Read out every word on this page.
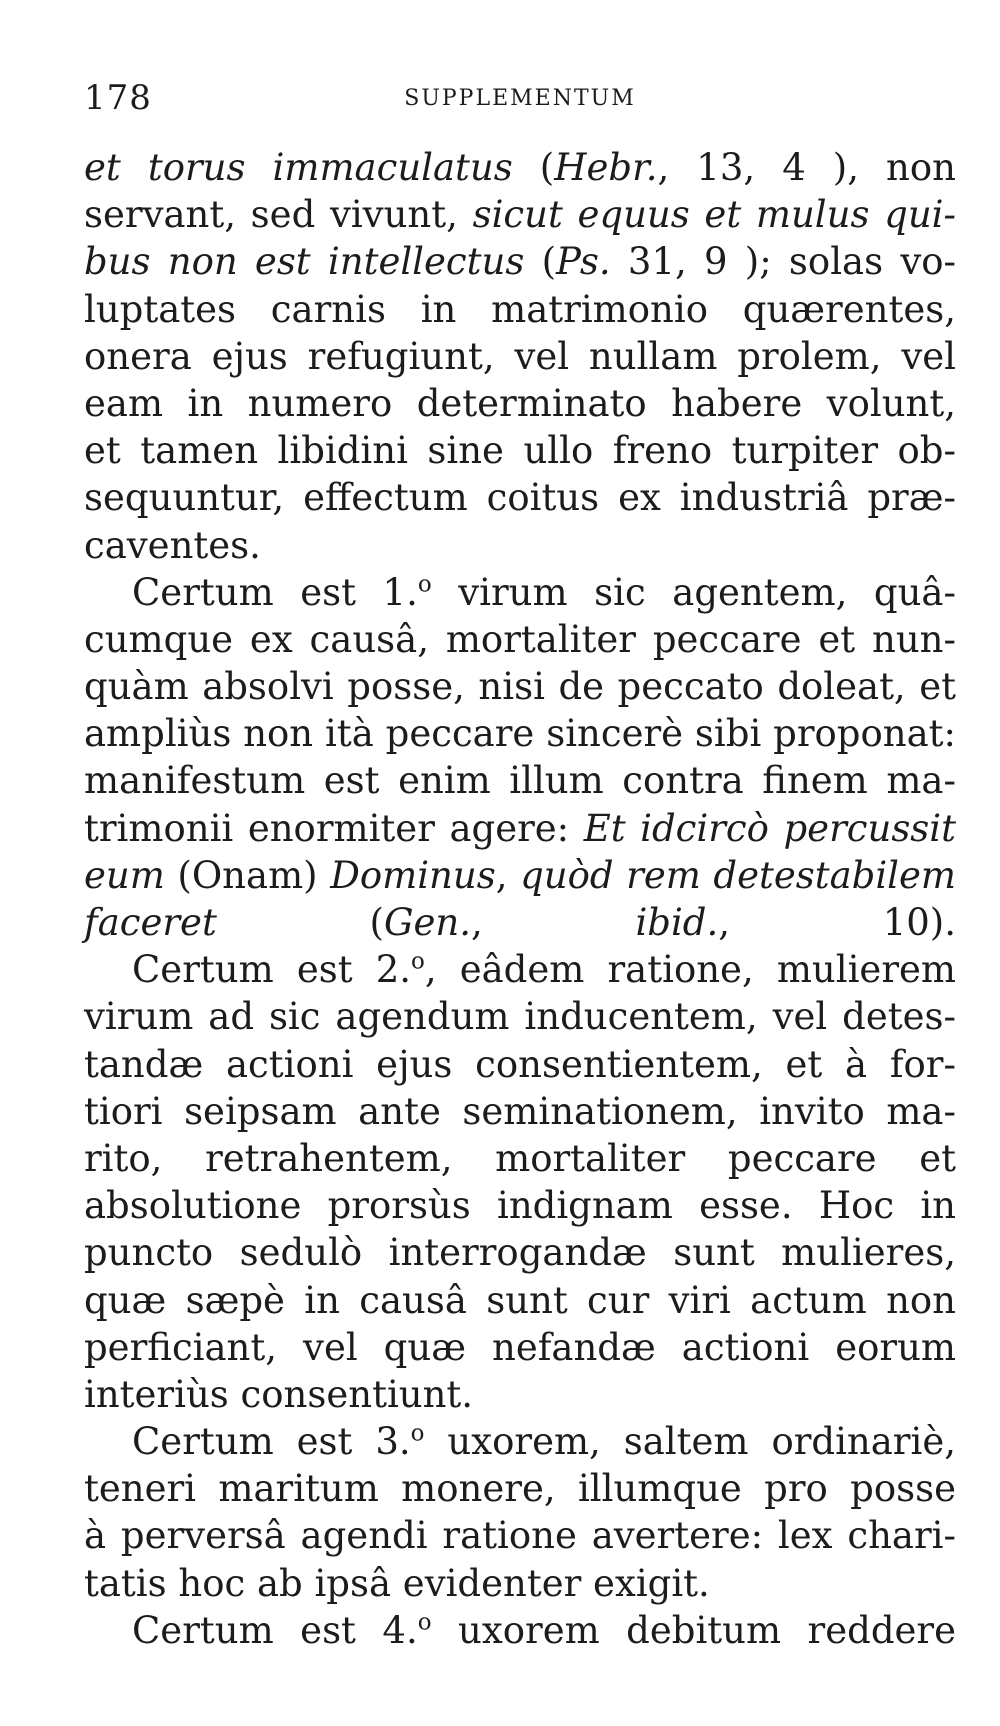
178	SUPPLEMENTUM
et torus immaculatus (Hebr., 13, 4 ), non
servant, sed vivunt, sicut equus et mulus qui-
bus non est intellectus (Ps. 31, 9 ); solas vo-
luptates carnis in matrimonio quærentes,
onera ejus refugiunt, vel nullam prolem, vel
eam in numero determinato habere volunt,
et tamen libidini sine ullo freno turpiter ob-
sequuntur, effectum coitus ex industriâ præ-
caventes.
Certum est 1.$^o$ virum sic agentem, quâ-
cumque ex causâ, mortaliter peccare et nun-
quàm absolvi posse, nisi de peccato doleat, et
ampliùs non ità peccare sincerè sibi proponat:
manifestum est enim illum contra finem ma-
trimonii enormiter agere: Et idcircò percussit
eum (Onam) Dominus, quòd rem detestabilem
faceret (Gen., ibid., 10).
Certum est 2.$^o$, eâdem ratione, mulierem
virum ad sic agendum inducentem, vel detes-
tandæ actioni ejus consentientem, et à for-
tiori seipsam ante seminationem, invito ma-
rito, retrahentem, mortaliter peccare et
absolutione prorsùs indignam esse. Hoc in
puncto sedulò interrogandæ sunt mulieres,
quæ sæpè in causâ sunt cur viri actum non
perficiant, vel quæ nefandæ actioni eorum
interiùs consentiunt.
Certum est 3.$^o$ uxorem, saltem ordinariè,
teneri maritum monere, illumque pro posse
à perversâ agendi ratione avertere: lex chari-
tatis hoc ab ipsâ evidenter exigit.
Certum est 4.$^o$ uxorem debitum reddere
